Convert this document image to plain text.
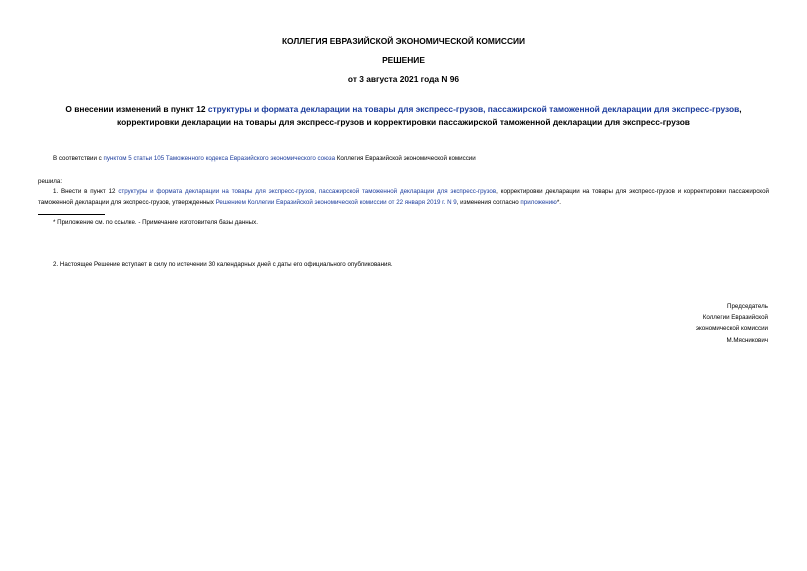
КОЛЛЕГИЯ ЕВРАЗИЙСКОЙ ЭКОНОМИЧЕСКОЙ КОМИССИИ
РЕШЕНИЕ
от 3 августа 2021 года N 96
О внесении изменений в пункт 12 структуры и формата декларации на товары для экспресс-грузов, пассажирской таможенной декларации для экспресс-грузов, корректировки декларации на товары для экспресс-грузов и корректировки пассажирской таможенной декларации для экспресс-грузов
В соответствии с пунктом 5 статьи 105 Таможенного кодекса Евразийского экономического союза Коллегия Евразийской экономической комиссии
решила:
1. Внести в пункт 12 структуры и формата декларации на товары для экспресс-грузов, пассажирской таможенной декларации для экспресс-грузов, корректировки декларации на товары для экспресс-грузов и корректировки пассажирской таможенной декларации для экспресс-грузов, утвержденных Решением Коллегии Евразийской экономической комиссии от 22 января 2019 г. N 9, изменения согласно приложению*.
* Приложение см. по ссылке. - Примечание изготовителя базы данных.
2. Настоящее Решение вступает в силу по истечении 30 календарных дней с даты его официального опубликования.
Председатель
Коллегии Евразийской
экономической комиссии
М.Мясникович
